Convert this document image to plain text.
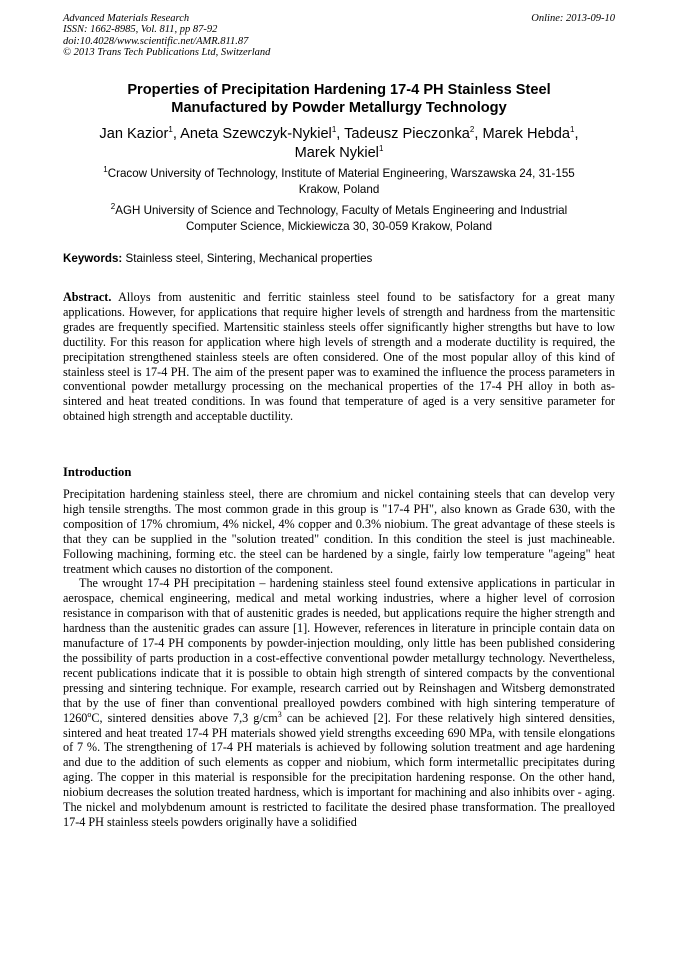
Advanced Materials Research
ISSN: 1662-8985, Vol. 811, pp 87-92
doi:10.4028/www.scientific.net/AMR.811.87
© 2013 Trans Tech Publications Ltd, Switzerland
Online: 2013-09-10
Properties of Precipitation Hardening 17-4 PH Stainless Steel
Manufactured by Powder Metallurgy Technology
Jan Kazior$^1$, Aneta Szewczyk-Nykiel$^1$, Tadeusz Pieczonka$^2$, Marek Hebda$^1$,
Marek Nykiel$^1$
$^1$Cracow University of Technology, Institute of Material Engineering, Warszawska 24, 31-155
Krakow, Poland
$^2$AGH University of Science and Technology, Faculty of Metals Engineering and Industrial
Computer Science, Mickiewicza 30, 30-059 Krakow, Poland
Keywords: Stainless steel, Sintering, Mechanical properties
Abstract. Alloys from austenitic and ferritic stainless steel found to be satisfactory for a great many applications. However, for applications that require higher levels of strength and hardness from the martensitic grades are frequently specified. Martensitic stainless steels offer significantly higher strengths but have to low ductility. For this reason for application where high levels of strength and a moderate ductility is required, the precipitation strengthened stainless steels are often considered. One of the most popular alloy of this kind of stainless steel is 17-4 PH. The aim of the present paper was to examined the influence the process parameters in conventional powder metallurgy processing on the mechanical properties of the 17-4 PH alloy in both as-sintered and heat treated conditions. In was found that temperature of aged is a very sensitive parameter for obtained high strength and acceptable ductility.
Introduction

Precipitation hardening stainless steel, there are chromium and nickel containing steels that can develop very high tensile strengths. The most common grade in this group is "17-4 PH", also known as Grade 630, with the composition of 17% chromium, 4% nickel, 4% copper and 0.3% niobium. The great advantage of these steels is that they can be supplied in the "solution treated" condition. In this condition the steel is just machineable. Following machining, forming etc. the steel can be hardened by a single, fairly low temperature "ageing" heat treatment which causes no distortion of the component.

The wrought 17-4 PH precipitation – hardening stainless steel found extensive applications in particular in aerospace, chemical engineering, medical and metal working industries, where a higher level of corrosion resistance in comparison with that of austenitic grades is needed, but applications require the higher strength and hardness than the austenitic grades can assure [1]. However, references in literature in principle contain data on manufacture of 17-4 PH components by powder-injection moulding, only little has been published considering the possibility of parts production in a cost-effective conventional powder metallurgy technology. Nevertheless, recent publications indicate that it is possible to obtain high strength of sintered compacts by the conventional pressing and sintering technique. For example, research carried out by Reinshagen and Witsberg demonstrated that by the use of finer than conventional prealloyed powders combined with high sintering temperature of 1260$^o$C, sintered densities above 7,3 $g/cm^3$ can be achieved [2]. For these relatively high sintered densities, sintered and heat treated 17-4 PH materials showed yield strengths exceeding 690 MPa, with tensile elongations of 7 %. The strengthening of 17-4 PH materials is achieved by following solution treatment and age hardening and due to the addition of such elements as copper and niobium, which form intermetallic precipitates during aging. The copper in this material is responsible for the precipitation hardening response. On the other hand, niobium decreases the solution treated hardness, which is important for machining and also inhibits over - aging. The nickel and molybdenum amount is restricted to facilitate the desired phase transformation. The prealloyed 17-4 PH stainless steels powders originally have a solidified
